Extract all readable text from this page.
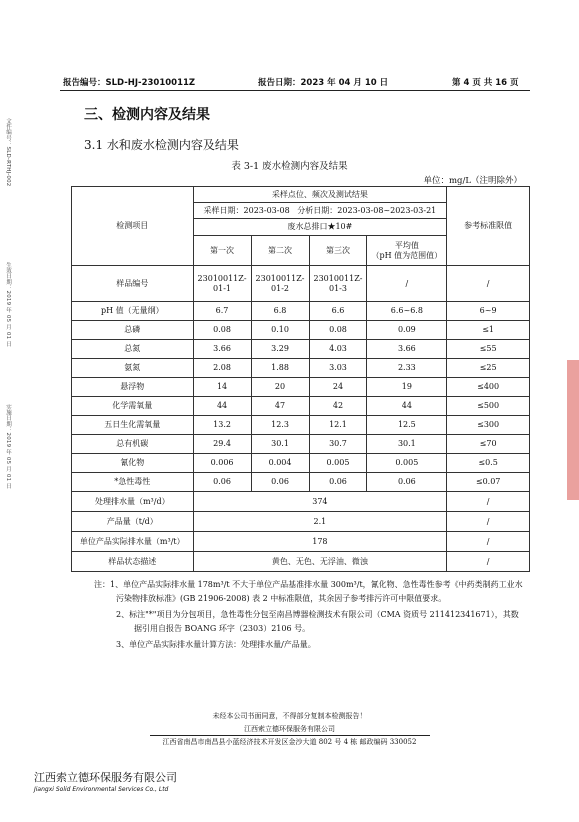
报告编号：SLD-HJ-23010011Z	报告日期：2023 年 04 月 10 日	第 4 页 共 16 页
文件编号：SLD-RTHJ-002
生效日期：2019 年 05 月 01 日
实施日期：2019 年 05 月 01 日
三、检测内容及结果
3.1 水和废水检测内容及结果
表 3-1 废水检测内容及结果
单位：mg/L（注明除外）
检测项目	采样点位、频次及测试结果				参考标准限值
	采样日期：2023-03-08 分析日期：2023-03-08~2023-03-21				
	废水总排口★10#				
	第一次	第二次	第三次	平均值
（pH 值为范围值）	

样品编号	23010011Z-01-1	23010011Z-01-2	23010011Z-01-3	/	/
pH 值（无量纲）	6.7	6.8	6.6	6.6~6.8	6~9
总磷	0.08	0.10	0.08	0.09	≤1
总氮	3.66	3.29	4.03	3.66	≤55
氨氮	2.08	1.88	3.03	2.33	≤25
悬浮物	14	20	24	19	≤400
化学需氧量	44	47	42	44	≤500
五日生化需氧量	13.2	12.3	12.1	12.5	≤300
总有机碳	29.4	30.1	30.7	30.1	≤70
氰化物	0.006	0.004	0.005	0.005	≤0.5
*急性毒性	0.06	0.06	0.06	0.06	≤0.07
处理排水量（m³/d）	374				/
产品量（t/d）	2.1				/
单位产品实际排水量（m³/t）	178				/
样品状态描述	黄色、无色、无浮油、微浊				/
注：1、单位产品实际排水量 178m³/t 不大于单位产品基准排水量 300m³/t，氰化物、急性毒性参考《中药类制药工业水污染物排放标准》(GB 21906-2008) 表 2 中标准限值，其余因子参考排污许可中限值要求。
2、标注"*"项目为分包项目，急性毒性分包至南昌博器检测技术有限公司（CMA 资质号 211412341671），其数据引用自报告 BOANG 环字（2303）2106 号。
3、单位产品实际排水量计算方法：处理排水量/产品量。
未经本公司书面同意，不得部分复制本检测报告！
江西索立德环保服务有限公司
江西省南昌市南昌县小蓝经济技术开发区金沙大道 802 号 4 栋 邮政编码 330052
江西索立德环保服务有限公司
Jiangxi Solid Environmental Services Co., Ltd
